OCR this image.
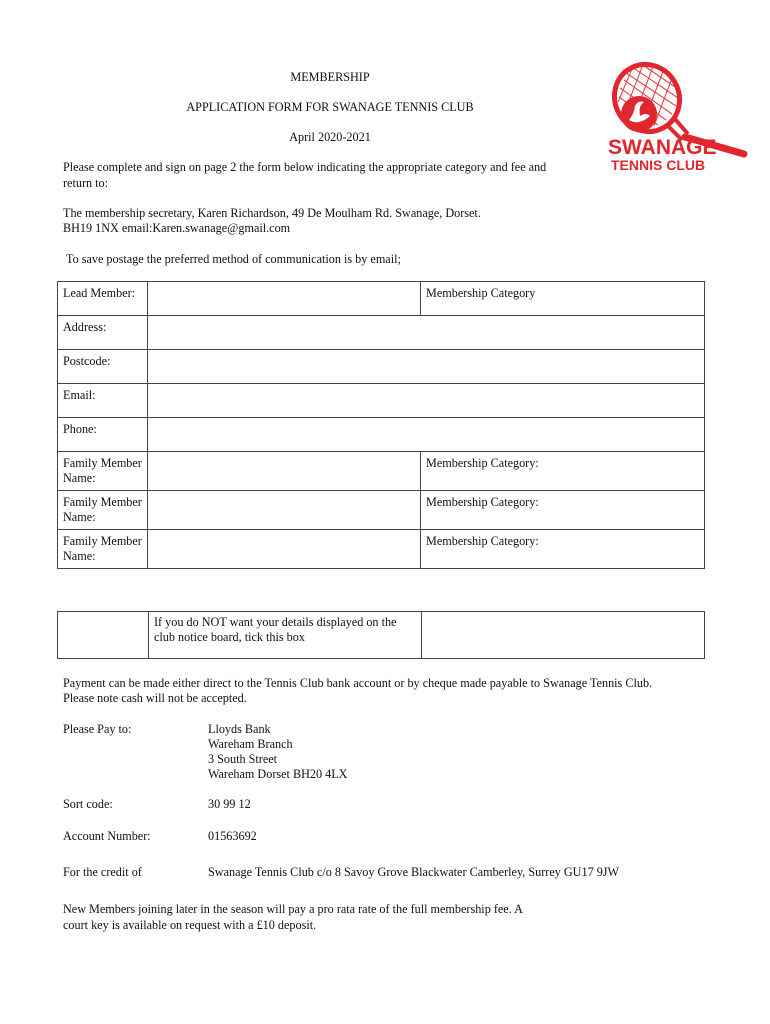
MEMBERSHIP
APPLICATION FORM FOR SWANAGE TENNIS CLUB
April 2020-2021	SWANAGE
TENNIS CLUB
Please complete and sign on page 2 the form below indicating the appropriate category and fee and
return to:
The membership secretary, Karen Richardson, 49 De Moulham Rd. Swanage, Dorset.
BH19 1NX email:Karen.swanage@gmail.com
To save postage the preferred method of communication is by email;
Lead Member:		Membership Category
Address:		
Postcode:		
Email:		
Phone:		
Family Member Name:		Membership Category:
Family Member Name:		Membership Category:
Family Member Name:		Membership Category:
	If you do NOT want your details displayed on the club notice board, tick this box	
Payment can be made either direct to the Tennis Club bank account or by cheque made payable to Swanage Tennis Club.
Please note cash will not be accepted.
Please Pay to:	Lloyds Bank
Wareham Branch
3 South Street
Wareham Dorset BH20 4LX
Sort code:	30 99 12
Account Number:	01563692
For the credit of	Swanage Tennis Club c/o 8 Savoy Grove Blackwater Camberley, Surrey GU17 9JW
New Members joining later in the season will pay a pro rata rate of the full membership fee. A
court key is available on request with a £10 deposit.
